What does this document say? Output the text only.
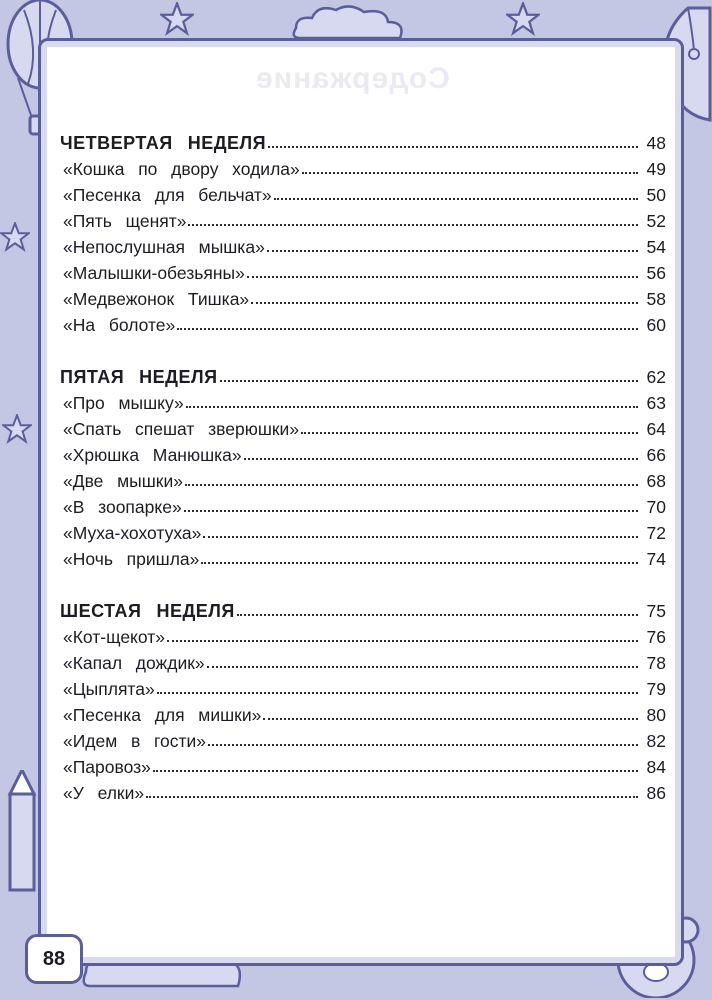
Содержание
ЧЕТВЕРТАЯ  НЕДЕЛЯ	48
«Кошка  по  двору  ходила»	49
«Песенка  для  бельчат»	50
«Пять  щенят»	52
«Непослушная  мышка»	54
«Малышки-обезьяны»	56
«Медвежонок  Тишка»	58
«На  болоте»	60
ПЯТАЯ  НЕДЕЛЯ	62
«Про  мышку»	63
«Спать  спешат  зверюшки»	64
«Хрюшка  Манюшка»	66
«Две  мышки»	68
«В  зоопарке»	70
«Муха-хохотуха»	72
«Ночь  пришла»	74
ШЕСТАЯ  НЕДЕЛЯ	75
«Кот-щекот»	76
«Капал  дождик»	78
«Цыплята»	79
«Песенка  для  мишки»	80
«Идем  в  гости»	82
«Паровоз»	84
«У  елки»	86
88
